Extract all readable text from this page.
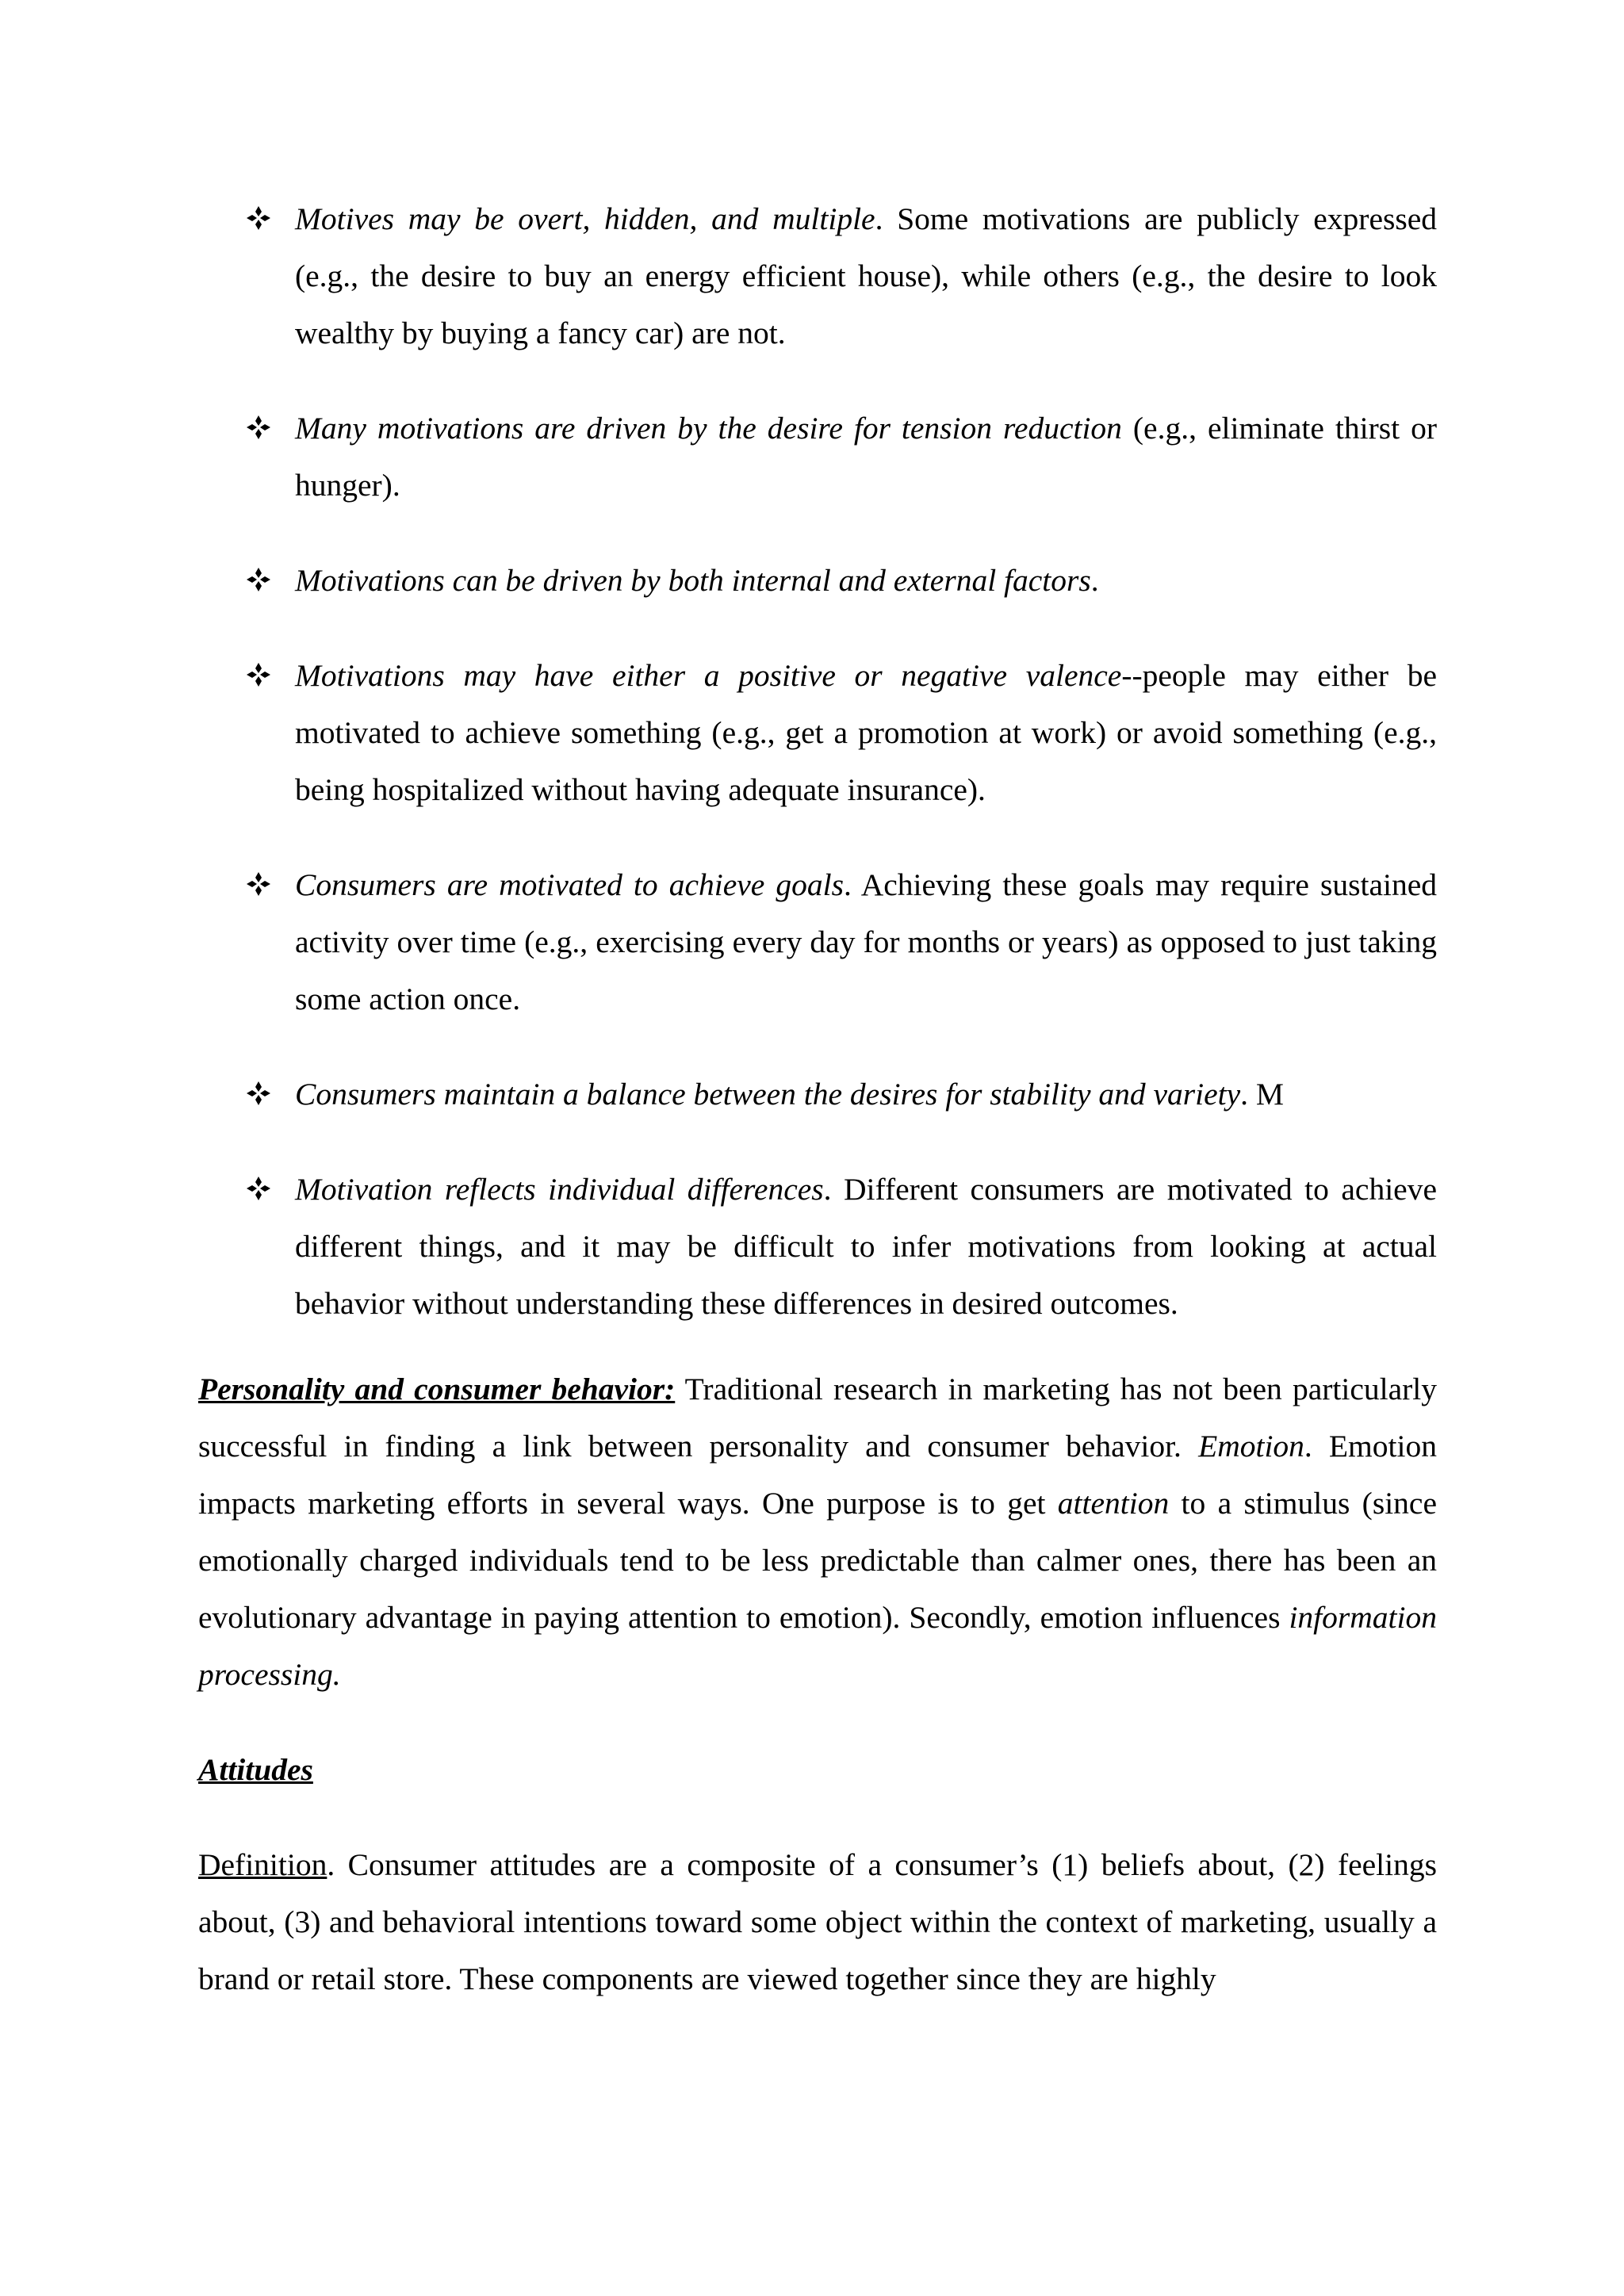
Motives may be overt, hidden, and multiple. Some motivations are publicly expressed (e.g., the desire to buy an energy efficient house), while others (e.g., the desire to look wealthy by buying a fancy car) are not.

Many motivations are driven by the desire for tension reduction (e.g., eliminate thirst or hunger).

Motivations can be driven by both internal and external factors.

Motivations may have either a positive or negative valence--people may either be motivated to achieve something (e.g., get a promotion at work) or avoid something (e.g., being hospitalized without having adequate insurance).

Consumers are motivated to achieve goals. Achieving these goals may require sustained activity over time (e.g., exercising every day for months or years) as opposed to just taking some action once.

Consumers maintain a balance between the desires for stability and variety. M

Motivation reflects individual differences. Different consumers are motivated to achieve different things, and it may be difficult to infer motivations from looking at actual behavior without understanding these differences in desired outcomes.

Personality and consumer behavior: Traditional research in marketing has not been particularly successful in finding a link between personality and consumer behavior. Emotion. Emotion impacts marketing efforts in several ways. One purpose is to get attention to a stimulus (since emotionally charged individuals tend to be less predictable than calmer ones, there has been an evolutionary advantage in paying attention to emotion). Secondly, emotion influences information processing.

Attitudes

Definition. Consumer attitudes are a composite of a consumer’s (1) beliefs about, (2) feelings about, (3) and behavioral intentions toward some object within the context of marketing, usually a brand or retail store. These components are viewed together since they are highly
